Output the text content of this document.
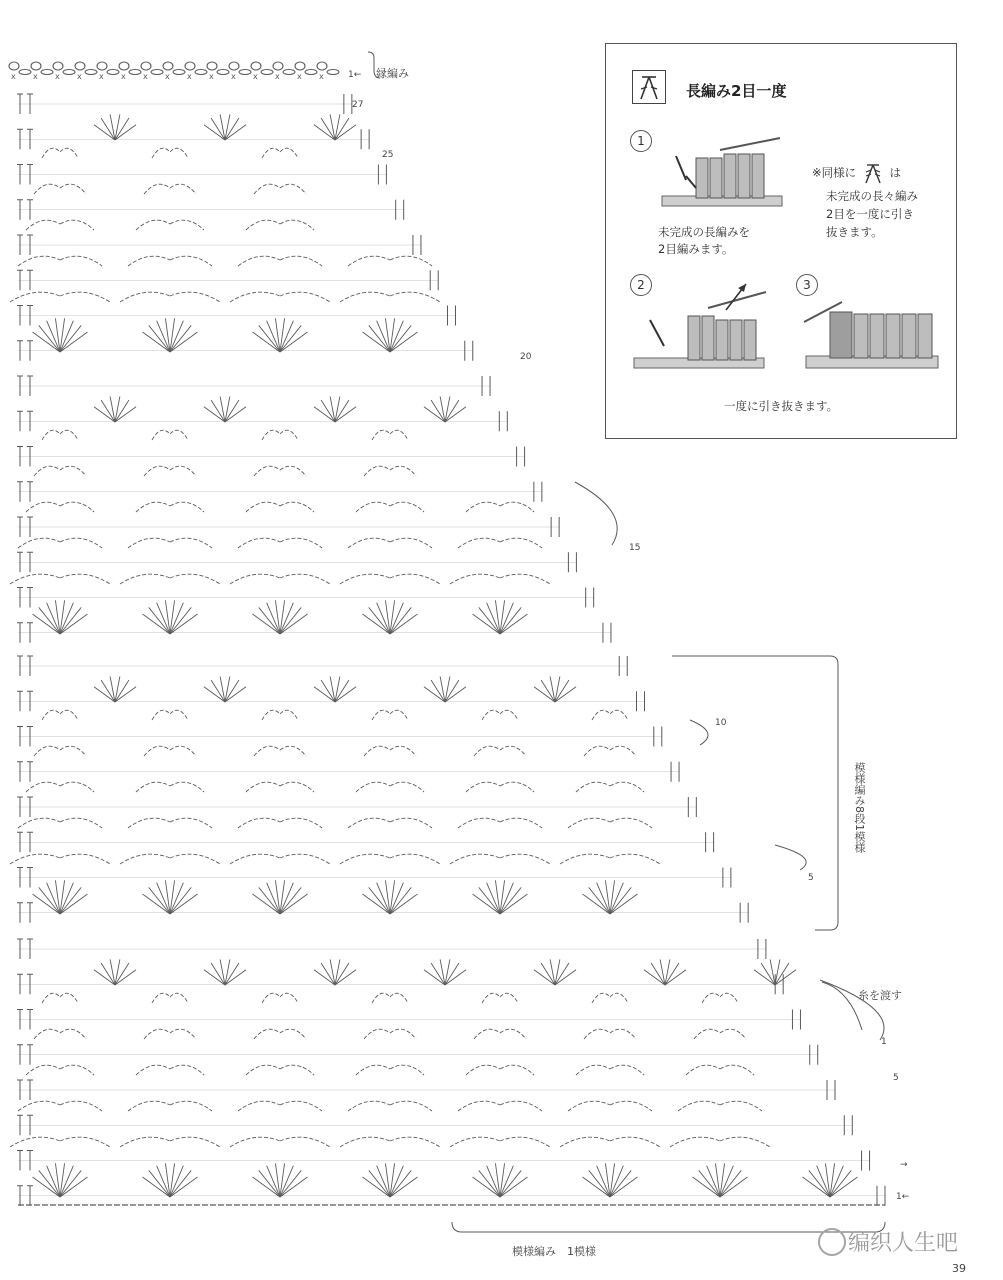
x x x x x x x x x x x x x x x	1← 縁編み
27
25
20
15
10
5
1
5
→
1←
糸を渡す
模様編み8段1模様
模様編み　1模様
39
長編み2目一度
1
未完成の長編みを
2目編みます。
※同様に	は
未完成の長々編み
2目を一度に引き
抜きます。
2	3
一度に引き抜きます。
编织人生吧
